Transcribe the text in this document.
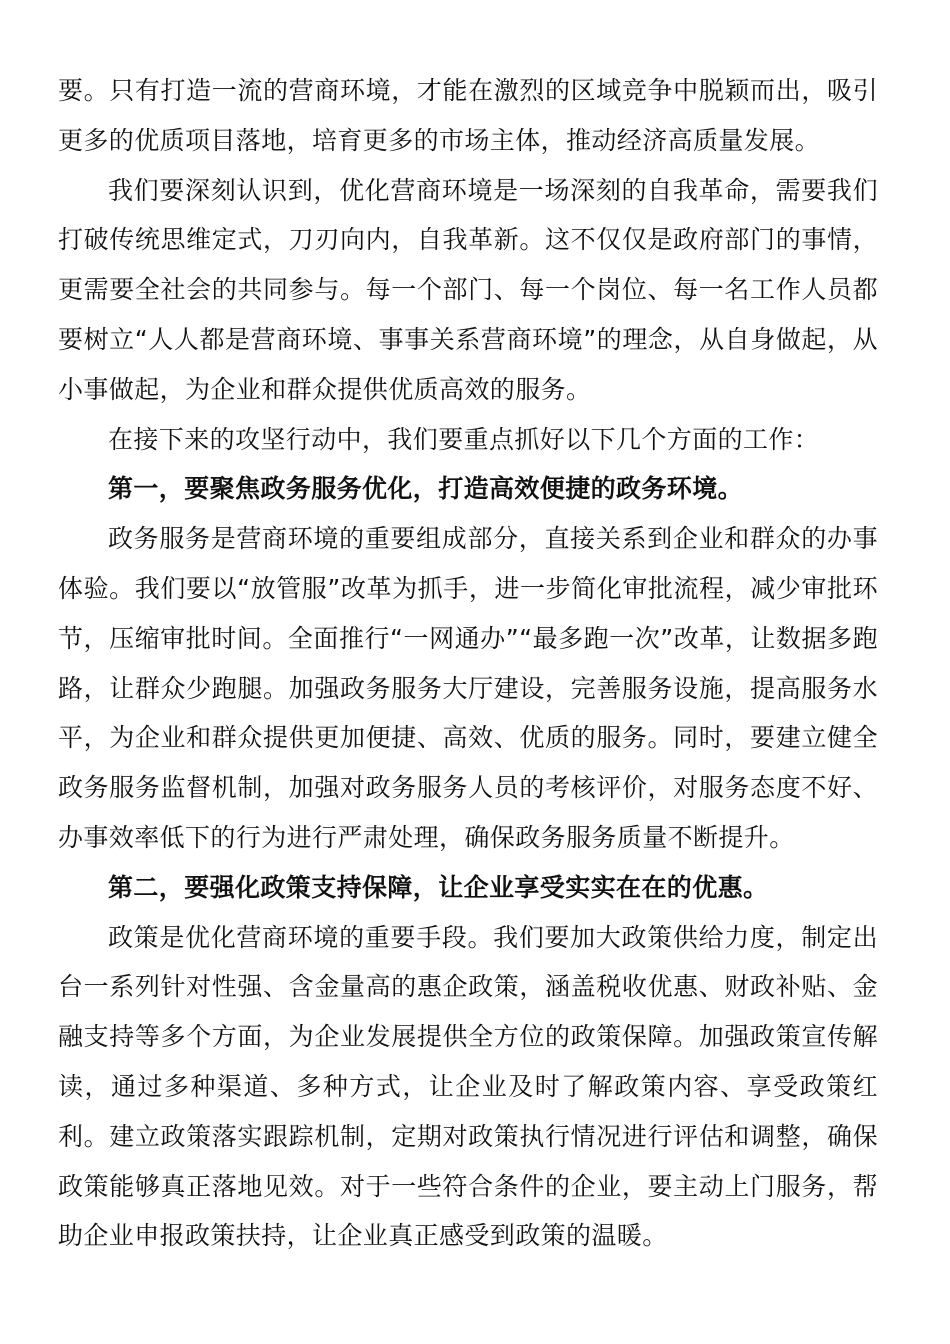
要。只有打造一流的营商环境，才能在激烈的区域竞争中脱颖而出，吸引更多的优质项目落地，培育更多的市场主体，推动经济高质量发展。

我们要深刻认识到，优化营商环境是一场深刻的自我革命，需要我们打破传统思维定式，刀刃向内，自我革新。这不仅仅是政府部门的事情，更需要全社会的共同参与。每一个部门、每一个岗位、每一名工作人员都要树立“人人都是营商环境、事事关系营商环境”的理念，从自身做起，从小事做起，为企业和群众提供优质高效的服务。

在接下来的攻坚行动中，我们要重点抓好以下几个方面的工作：

第一，要聚焦政务服务优化，打造高效便捷的政务环境。

政务服务是营商环境的重要组成部分，直接关系到企业和群众的办事体验。我们要以“放管服”改革为抓手，进一步简化审批流程，减少审批环节，压缩审批时间。全面推行“一网通办”“最多跑一次”改革，让数据多跑路，让群众少跑腿。加强政务服务大厅建设，完善服务设施，提高服务水平，为企业和群众提供更加便捷、高效、优质的服务。同时，要建立健全政务服务监督机制，加强对政务服务人员的考核评价，对服务态度不好、办事效率低下的行为进行严肃处理，确保政务服务质量不断提升。

第二，要强化政策支持保障，让企业享受实实在在的优惠。

政策是优化营商环境的重要手段。我们要加大政策供给力度，制定出台一系列针对性强、含金量高的惠企政策，涵盖税收优惠、财政补贴、金融支持等多个方面，为企业发展提供全方位的政策保障。加强政策宣传解读，通过多种渠道、多种方式，让企业及时了解政策内容、享受政策红利。建立政策落实跟踪机制，定期对政策执行情况进行评估和调整，确保政策能够真正落地见效。对于一些符合条件的企业，要主动上门服务，帮助企业申报政策扶持，让企业真正感受到政策的温暖。
